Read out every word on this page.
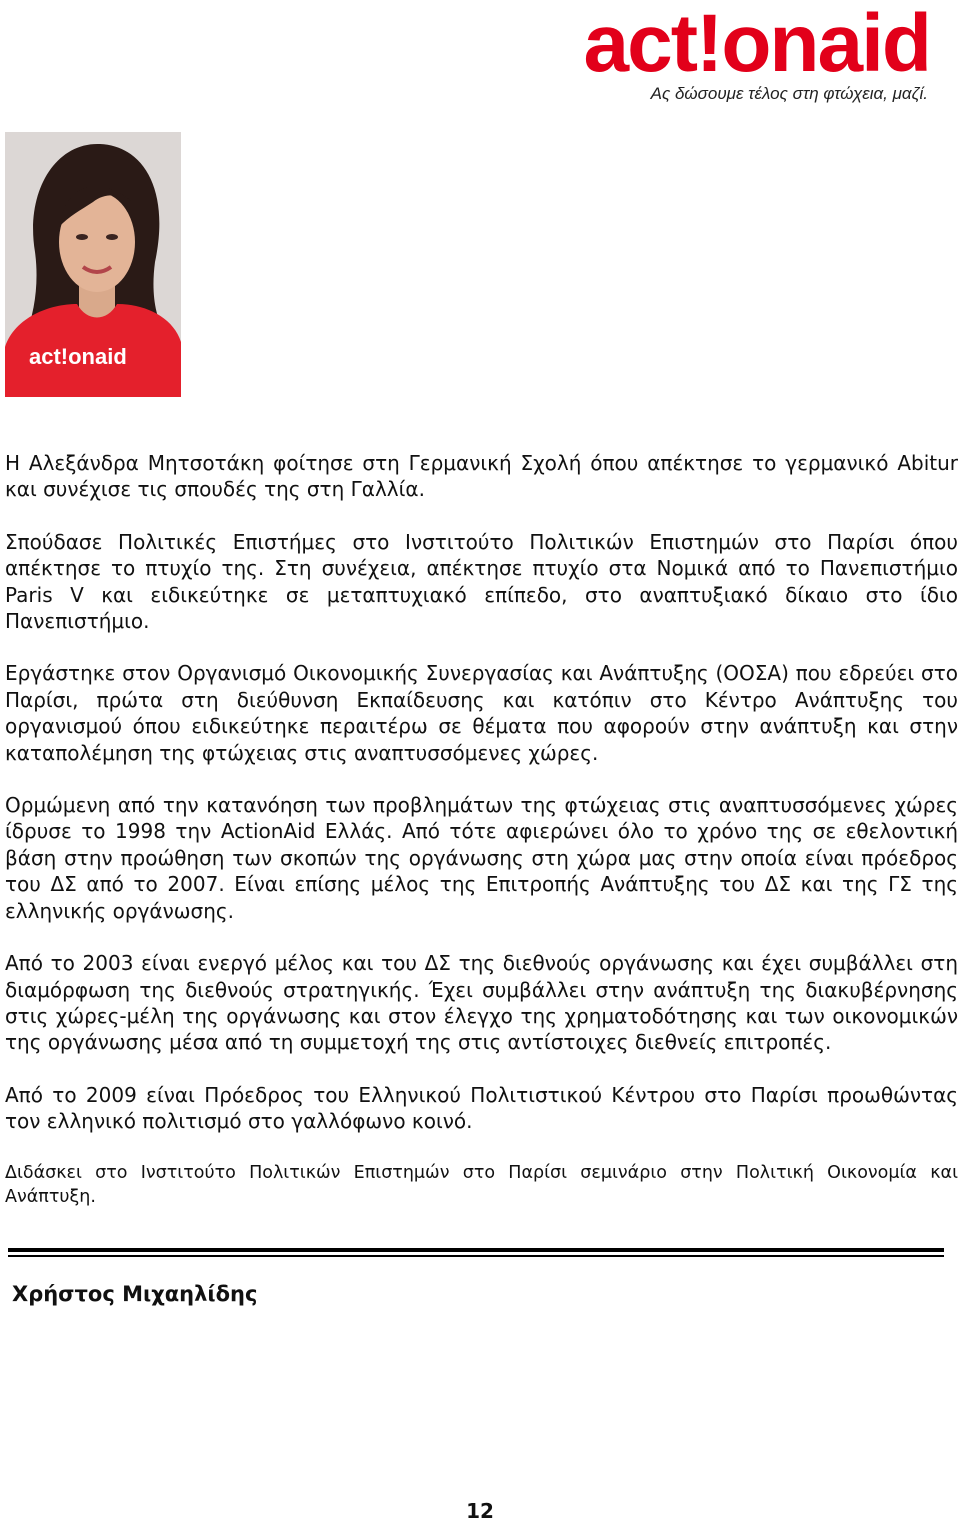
act!onaid
Ας δώσουμε τέλος στη φτώχεια, μαζί.
act!onaid

Η Αλεξάνδρα Μητσοτάκη φοίτησε στη Γερμανική Σχολή όπου απέκτησε το γερμανικό Abitur και συνέχισε τις σπουδές της στη Γαλλία.

Σπούδασε Πολιτικές Επιστήμες στο Ινστιτούτο Πολιτικών Επιστημών στο Παρίσι όπου απέκτησε το πτυχίο της. Στη συνέχεια, απέκτησε πτυχίο στα Νομικά από το Πανεπιστήμιο Paris V και ειδικεύτηκε σε μεταπτυχιακό επίπεδο, στο αναπτυξιακό δίκαιο στο ίδιο Πανεπιστήμιο.

Εργάστηκε στον Οργανισμό Οικονομικής Συνεργασίας και Ανάπτυξης (ΟΟΣΑ) που εδρεύει στο Παρίσι, πρώτα στη διεύθυνση Εκπαίδευσης και κατόπιν στο Κέντρο Ανάπτυξης του οργανισμού όπου ειδικεύτηκε περαιτέρω σε θέματα που αφορούν στην ανάπτυξη και στην καταπολέμηση της φτώχειας στις αναπτυσσόμενες χώρες.

Ορμώμενη από την κατανόηση των προβλημάτων της φτώχειας στις αναπτυσσόμενες χώρες ίδρυσε το 1998 την ActionAid Ελλάς. Από τότε αφιερώνει όλο το χρόνο της σε εθελοντική βάση στην προώθηση των σκοπών της οργάνωσης στη χώρα μας στην οποία είναι πρόεδρος του ΔΣ από το 2007. Είναι επίσης μέλος της Επιτροπής Ανάπτυξης του ΔΣ και της ΓΣ της ελληνικής οργάνωσης.

Από το 2003 είναι ενεργό μέλος και του ΔΣ της διεθνούς οργάνωσης και έχει συμβάλλει στη διαμόρφωση της διεθνούς στρατηγικής. Έχει συμβάλλει στην ανάπτυξη της διακυβέρνησης στις χώρες-μέλη της οργάνωσης και στον έλεγχο της χρηματοδότησης και των οικονομικών της οργάνωσης μέσα από τη συμμετοχή της στις αντίστοιχες διεθνείς επιτροπές.

Από το 2009 είναι Πρόεδρος του Ελληνικού Πολιτιστικού Κέντρου στο Παρίσι προωθώντας τον ελληνικό πολιτισμό στο γαλλόφωνο κοινό.

Διδάσκει στο Ινστιτούτο Πολιτικών Επιστημών στο Παρίσι σεμινάριο στην Πολιτική Οικονομία και Ανάπτυξη.

Χρήστος Μιχαηλίδης
12
